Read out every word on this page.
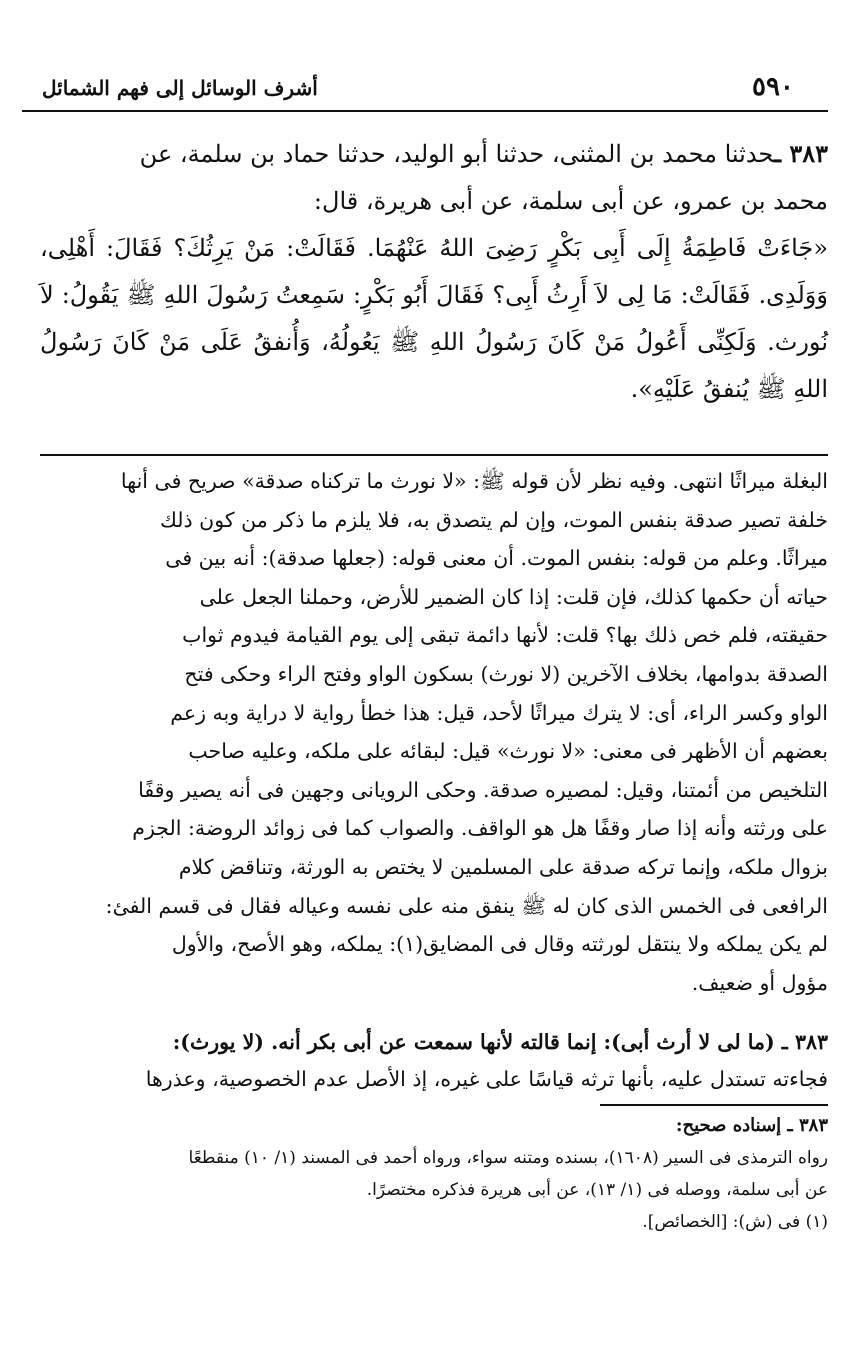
٥٩٠
أشرف الوسائل إلى فهم الشمائل

٣٨٣ ـحدثنا محمد بن المثنى، حدثنا أبو الوليد، حدثنا حماد بن سلمة، عن

محمد بن عمرو، عن أبى سلمة، عن أبى هريرة، قال:

«جَاءَتْ فَاطِمَةُ إِلَى أَبِى بَكْرٍ رَضِىَ اللهُ عَنْهُمَا. فَقَالَتْ: مَنْ يَرِثُكَ؟ فَقَالَ: أَهْلِى، وَوَلَدِى. فَقَالَتْ: مَا لِى لاَ أَرِثُ أَبِى؟ فَقَالَ أَبُو بَكْرٍ: سَمِعتُ رَسُولَ اللهِ ﷺ يَقُولُ: لاَ نُورث. وَلَكِنِّى أَعُولُ مَنْ كَانَ رَسُولُ اللهِ ﷺ يَعُولُهُ، وَأُنفقُ عَلَى مَنْ كَانَ رَسُولُ اللهِ ﷺ يُنفقُ عَلَيْهِ».

البغلة ميراثًا انتهى. وفيه نظر لأن قوله ﷺ: «لا نورث ما تركناه صدقة» صريح فى أنها

خلفة تصير صدقة بنفس الموت، وإن لم يتصدق به، فلا يلزم ما ذكر من كون ذلك

ميراثًا. وعلم من قوله: بنفس الموت. أن معنى قوله: (جعلها صدقة): أنه بين فى

حياته أن حكمها كذلك، فإن قلت: إذا كان الضمير للأرض، وحملنا الجعل على

حقيقته، فلم خص ذلك بها؟ قلت: لأنها دائمة تبقى إلى يوم القيامة فيدوم ثواب

الصدقة بدوامها، بخلاف الآخرين (لا نورث) بسكون الواو وفتح الراء وحكى فتح

الواو وكسر الراء، أى: لا يترك ميراثًا لأحد، قيل: هذا خطأ رواية لا دراية وبه زعم

بعضهم أن الأظهر فى معنى: «لا نورث» قيل: لبقائه على ملكه، وعليه صاحب

التلخيص من أئمتنا، وقيل: لمصيره صدقة. وحكى الرويانى وجهين فى أنه يصير وقفًا

على ورثته وأنه إذا صار وقفًا هل هو الواقف. والصواب كما فى زوائد الروضة: الجزم

بزوال ملكه، وإنما تركه صدقة على المسلمين لا يختص به الورثة، وتناقض كلام

الرافعى فى الخمس الذى كان له ﷺ ينفق منه على نفسه وعياله فقال فى قسم الفئ:

لم يكن يملكه ولا ينتقل لورثته وقال فى المضايق(١): يملكه، وهو الأصح، والأول

مؤول أو ضعيف.

٣٨٣ ـ (ما لى لا أرث أبى): إنما قالته لأنها سمعت عن أبى بكر أنه. (لا يورث):

فجاءته تستدل عليه، بأنها ترثه قياسًا على غيره، إذ الأصل عدم الخصوصية، وعذرها

٣٨٣ ـ إسناده صحيح:

رواه الترمذى فى السير (١٦٠٨)، بسنده ومتنه سواء، ورواه أحمد فى المسند (١/ ١٠) منقطعًا

عن أبى سلمة، ووصله فى (١/ ١٣)، عن أبى هريرة فذكره مختصرًا.

(١) فى (ش): [الخصائص].
